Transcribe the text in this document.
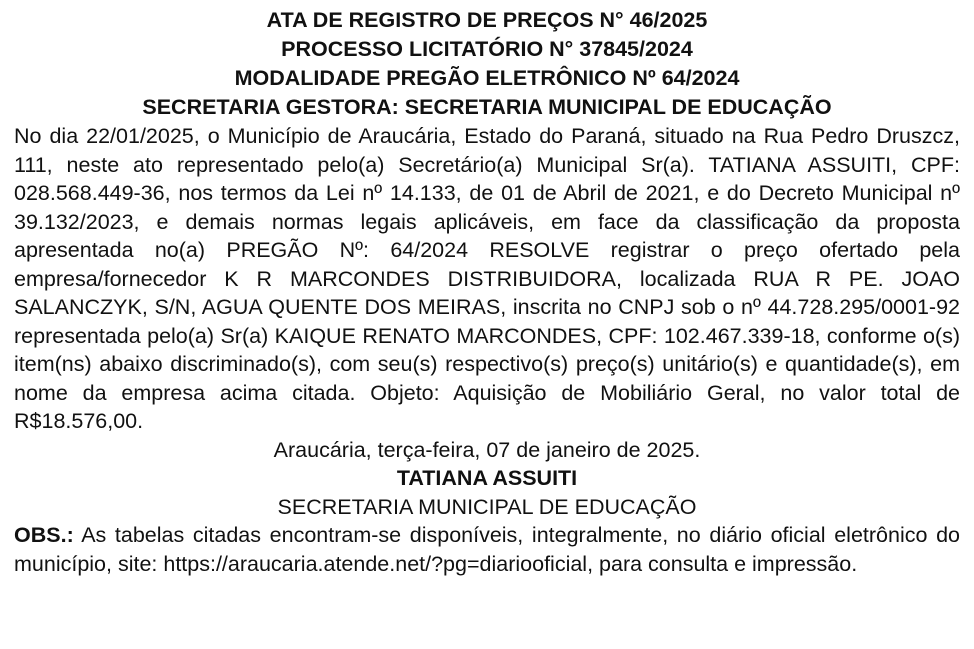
ATA DE REGISTRO DE PREÇOS N° 46/2025
PROCESSO LICITATÓRIO N° 37845/2024
MODALIDADE PREGÃO ELETRÔNICO Nº 64/2024
SECRETARIA GESTORA: SECRETARIA MUNICIPAL DE EDUCAÇÃO

No dia 22/01/2025, o Município de Araucária, Estado do Paraná, situado na Rua Pedro Druszcz, 111, neste ato representado pelo(a) Secretário(a) Municipal Sr(a). TATIANA ASSUITI, CPF: 028.568.449-36, nos termos da Lei nº 14.133, de 01 de Abril de 2021, e do Decreto Municipal nº 39.132/2023, e demais normas legais aplicáveis, em face da classificação da proposta apresentada no(a) PREGÃO Nº: 64/2024 RESOLVE registrar o preço ofertado pela empresa/fornecedor K R MARCONDES DISTRIBUIDORA, localizada RUA R PE. JOAO SALANCZYK, S/N, AGUA QUENTE DOS MEIRAS, inscrita no CNPJ sob o nº 44.728.295/0001-92 representada pelo(a) Sr(a) KAIQUE RENATO MARCONDES, CPF: 102.467.339-18, conforme o(s) item(ns) abaixo discriminado(s), com seu(s) respectivo(s) preço(s) unitário(s) e quantidade(s), em nome da empresa acima citada. Objeto: Aquisição de Mobiliário Geral, no valor total de R$18.576,00.

Araucária, terça-feira, 07 de janeiro de 2025.
TATIANA ASSUITI
SECRETARIA MUNICIPAL DE EDUCAÇÃO

OBS.: As tabelas citadas encontram-se disponíveis, integralmente, no diário oficial eletrônico do município, site: https://araucaria.atende.net/?pg=diariooficial, para consulta e impressão.
